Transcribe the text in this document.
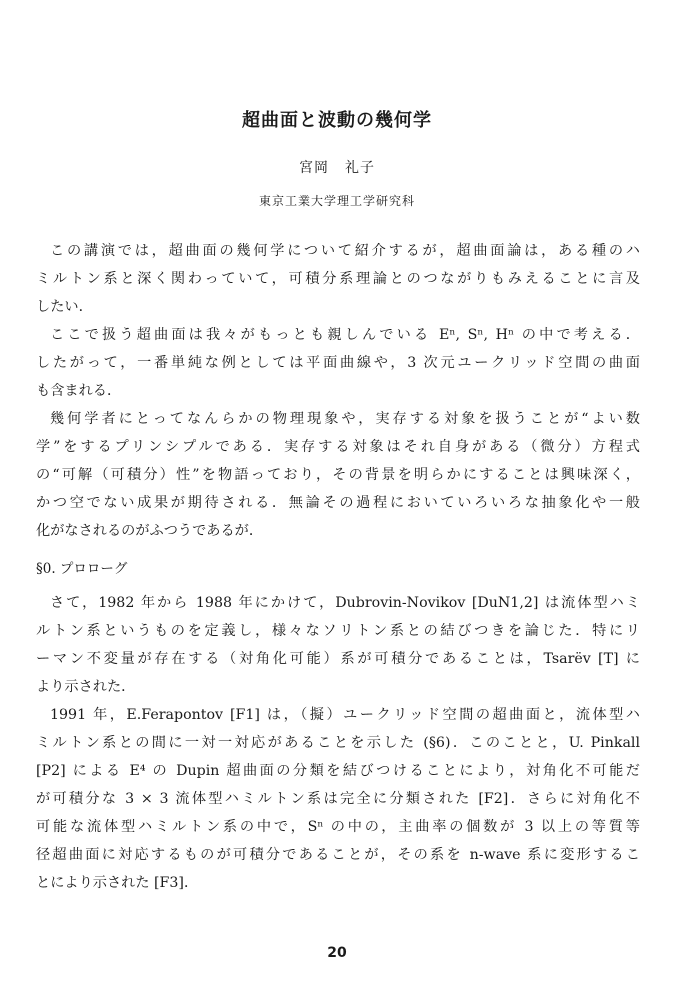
超曲面と波動の幾何学
宮岡 礼子
東京工業大学理工学研究科
この講演では，超曲面の幾何学について紹介するが，超曲面論は，ある種のハ
ミルトン系と深く関わっていて，可積分系理論とのつながりもみえることに言及
したい．
ここで扱う超曲面は我々がもっとも親しんでいる Eⁿ, Sⁿ, Hⁿ の中で考える．
したがって，一番単純な例としては平面曲線や，3 次元ユークリッド空間の曲面
も含まれる．
幾何学者にとってなんらかの物理現象や，実存する対象を扱うことが“よい数
学”をするプリンシプルである．実存する対象はそれ自身がある（微分）方程式
の“可解（可積分）性”を物語っており，その背景を明らかにすることは興味深く，
かつ空でない成果が期待される．無論その過程においていろいろな抽象化や一般
化がなされるのがふつうであるが．
§0. プロローグ
さて，1982 年から 1988 年にかけて，Dubrovin-Novikov [DuN1,2] は流体型ハミ
ルトン系というものを定義し，様々なソリトン系との結びつきを論じた．特にリ
ーマン不変量が存在する（対角化可能）系が可積分であることは，Tsarëv [T] に
より示された．
1991 年，E.Ferapontov [F1] は，（擬）ユークリッド空間の超曲面と，流体型ハ
ミルトン系との間に一対一対応があることを示した (§6)．このことと，U. Pinkall
[P2] による E⁴ の Dupin 超曲面の分類を結びつけることにより，対角化不可能だ
が可積分な 3 × 3 流体型ハミルトン系は完全に分類された [F2]．さらに対角化不
可能な流体型ハミルトン系の中で，Sⁿ の中の，主曲率の個数が 3 以上の等質等
径超曲面に対応するものが可積分であることが，その系を n-wave 系に変形するこ
とにより示された [F3]．
20
